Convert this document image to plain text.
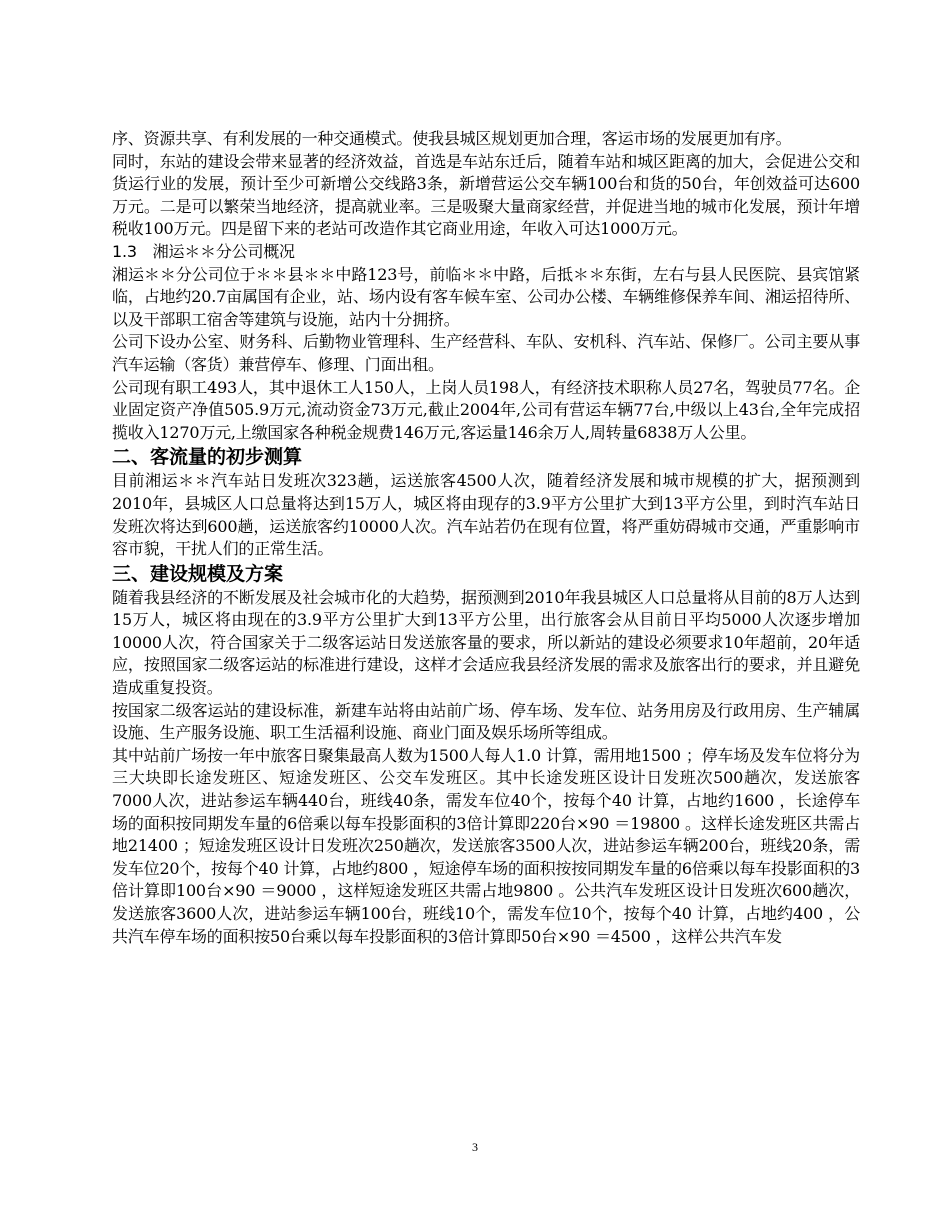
序、资源共享、有利发展的一种交通模式。使我县城区规划更加合理，客运市场的发展更加有序。

同时，东站的建设会带来显著的经济效益，首选是车站东迁后，随着车站和城区距离的加大，会促进公交和货运行业的发展，预计至少可新增公交线路3条，新增营运公交车辆100台和货的50台，年创效益可达600万元。二是可以繁荣当地经济，提高就业率。三是吸聚大量商家经营，并促进当地的城市化发展，预计年增税收100万元。四是留下来的老站可改造作其它商业用途，年收入可达1000万元。

1.3　湘运＊＊分公司概况

湘运＊＊分公司位于＊＊县＊＊中路123号，前临＊＊中路，后抵＊＊东街，左右与县人民医院、县宾馆紧临，占地约20.7亩属国有企业，站、场内设有客车候车室、公司办公楼、车辆维修保养车间、湘运招待所、以及干部职工宿舍等建筑与设施，站内十分拥挤。

公司下设办公室、财务科、后勤物业管理科、生产经营科、车队、安机科、汽车站、保修厂。公司主要从事汽车运输（客货）兼营停车、修理、门面出租。

公司现有职工493人，其中退休工人150人，上岗人员198人，有经济技术职称人员27名，驾驶员77名。企业固定资产净值505.9万元,流动资金73万元,截止2004年,公司有营运车辆77台,中级以上43台,全年完成招揽收入1270万元,上缴国家各种税金规费146万元,客运量146余万人,周转量6838万人公里。

二、客流量的初步测算

目前湘运＊＊汽车站日发班次323趟，运送旅客4500人次，随着经济发展和城市规模的扩大，据预测到2010年，县城区人口总量将达到15万人，城区将由现存的3.9平方公里扩大到13平方公里，到时汽车站日发班次将达到600趟，运送旅客约10000人次。汽车站若仍在现有位置，将严重妨碍城市交通，严重影响市容市貌，干扰人们的正常生活。

三、建设规模及方案

随着我县经济的不断发展及社会城市化的大趋势，据预测到2010年我县城区人口总量将从目前的8万人达到15万人，城区将由现在的3.9平方公里扩大到13平方公里，出行旅客会从目前日平均5000人次逐步增加10000人次，符合国家关于二级客运站日发送旅客量的要求，所以新站的建设必须要求10年超前，20年适应，按照国家二级客运站的标准进行建设，这样才会适应我县经济发展的需求及旅客出行的要求，并且避免造成重复投资。

按国家二级客运站的建设标准，新建车站将由站前广场、停车场、发车位、站务用房及行政用房、生产辅属设施、生产服务设施、职工生活福利设施、商业门面及娱乐场所等组成。

其中站前广场按一年中旅客日聚集最高人数为1500人每人1.0 计算，需用地1500 ；停车场及发车位将分为三大块即长途发班区、短途发班区、公交车发班区。其中长途发班区设计日发班次500趟次，发送旅客7000人次，进站参运车辆440台，班线40条，需发车位40个，按每个40 计算，占地约1600 ，长途停车场的面积按同期发车量的6倍乘以每车投影面积的3倍计算即220台×90 ＝19800 。这样长途发班区共需占地21400 ；短途发班区设计日发班次250趟次，发送旅客3500人次，进站参运车辆200台，班线20条，需发车位20个，按每个40 计算，占地约800 ，短途停车场的面积按按同期发车量的6倍乘以每车投影面积的3倍计算即100台×90 ＝9000 ，这样短途发班区共需占地9800 。公共汽车发班区设计日发班次600趟次，发送旅客3600人次，进站参运车辆100台，班线10个，需发车位10个，按每个40 计算，占地约400 ，公共汽车停车场的面积按50台乘以每车投影面积的3倍计算即50台×90 ＝4500 ，这样公共汽车发

3
